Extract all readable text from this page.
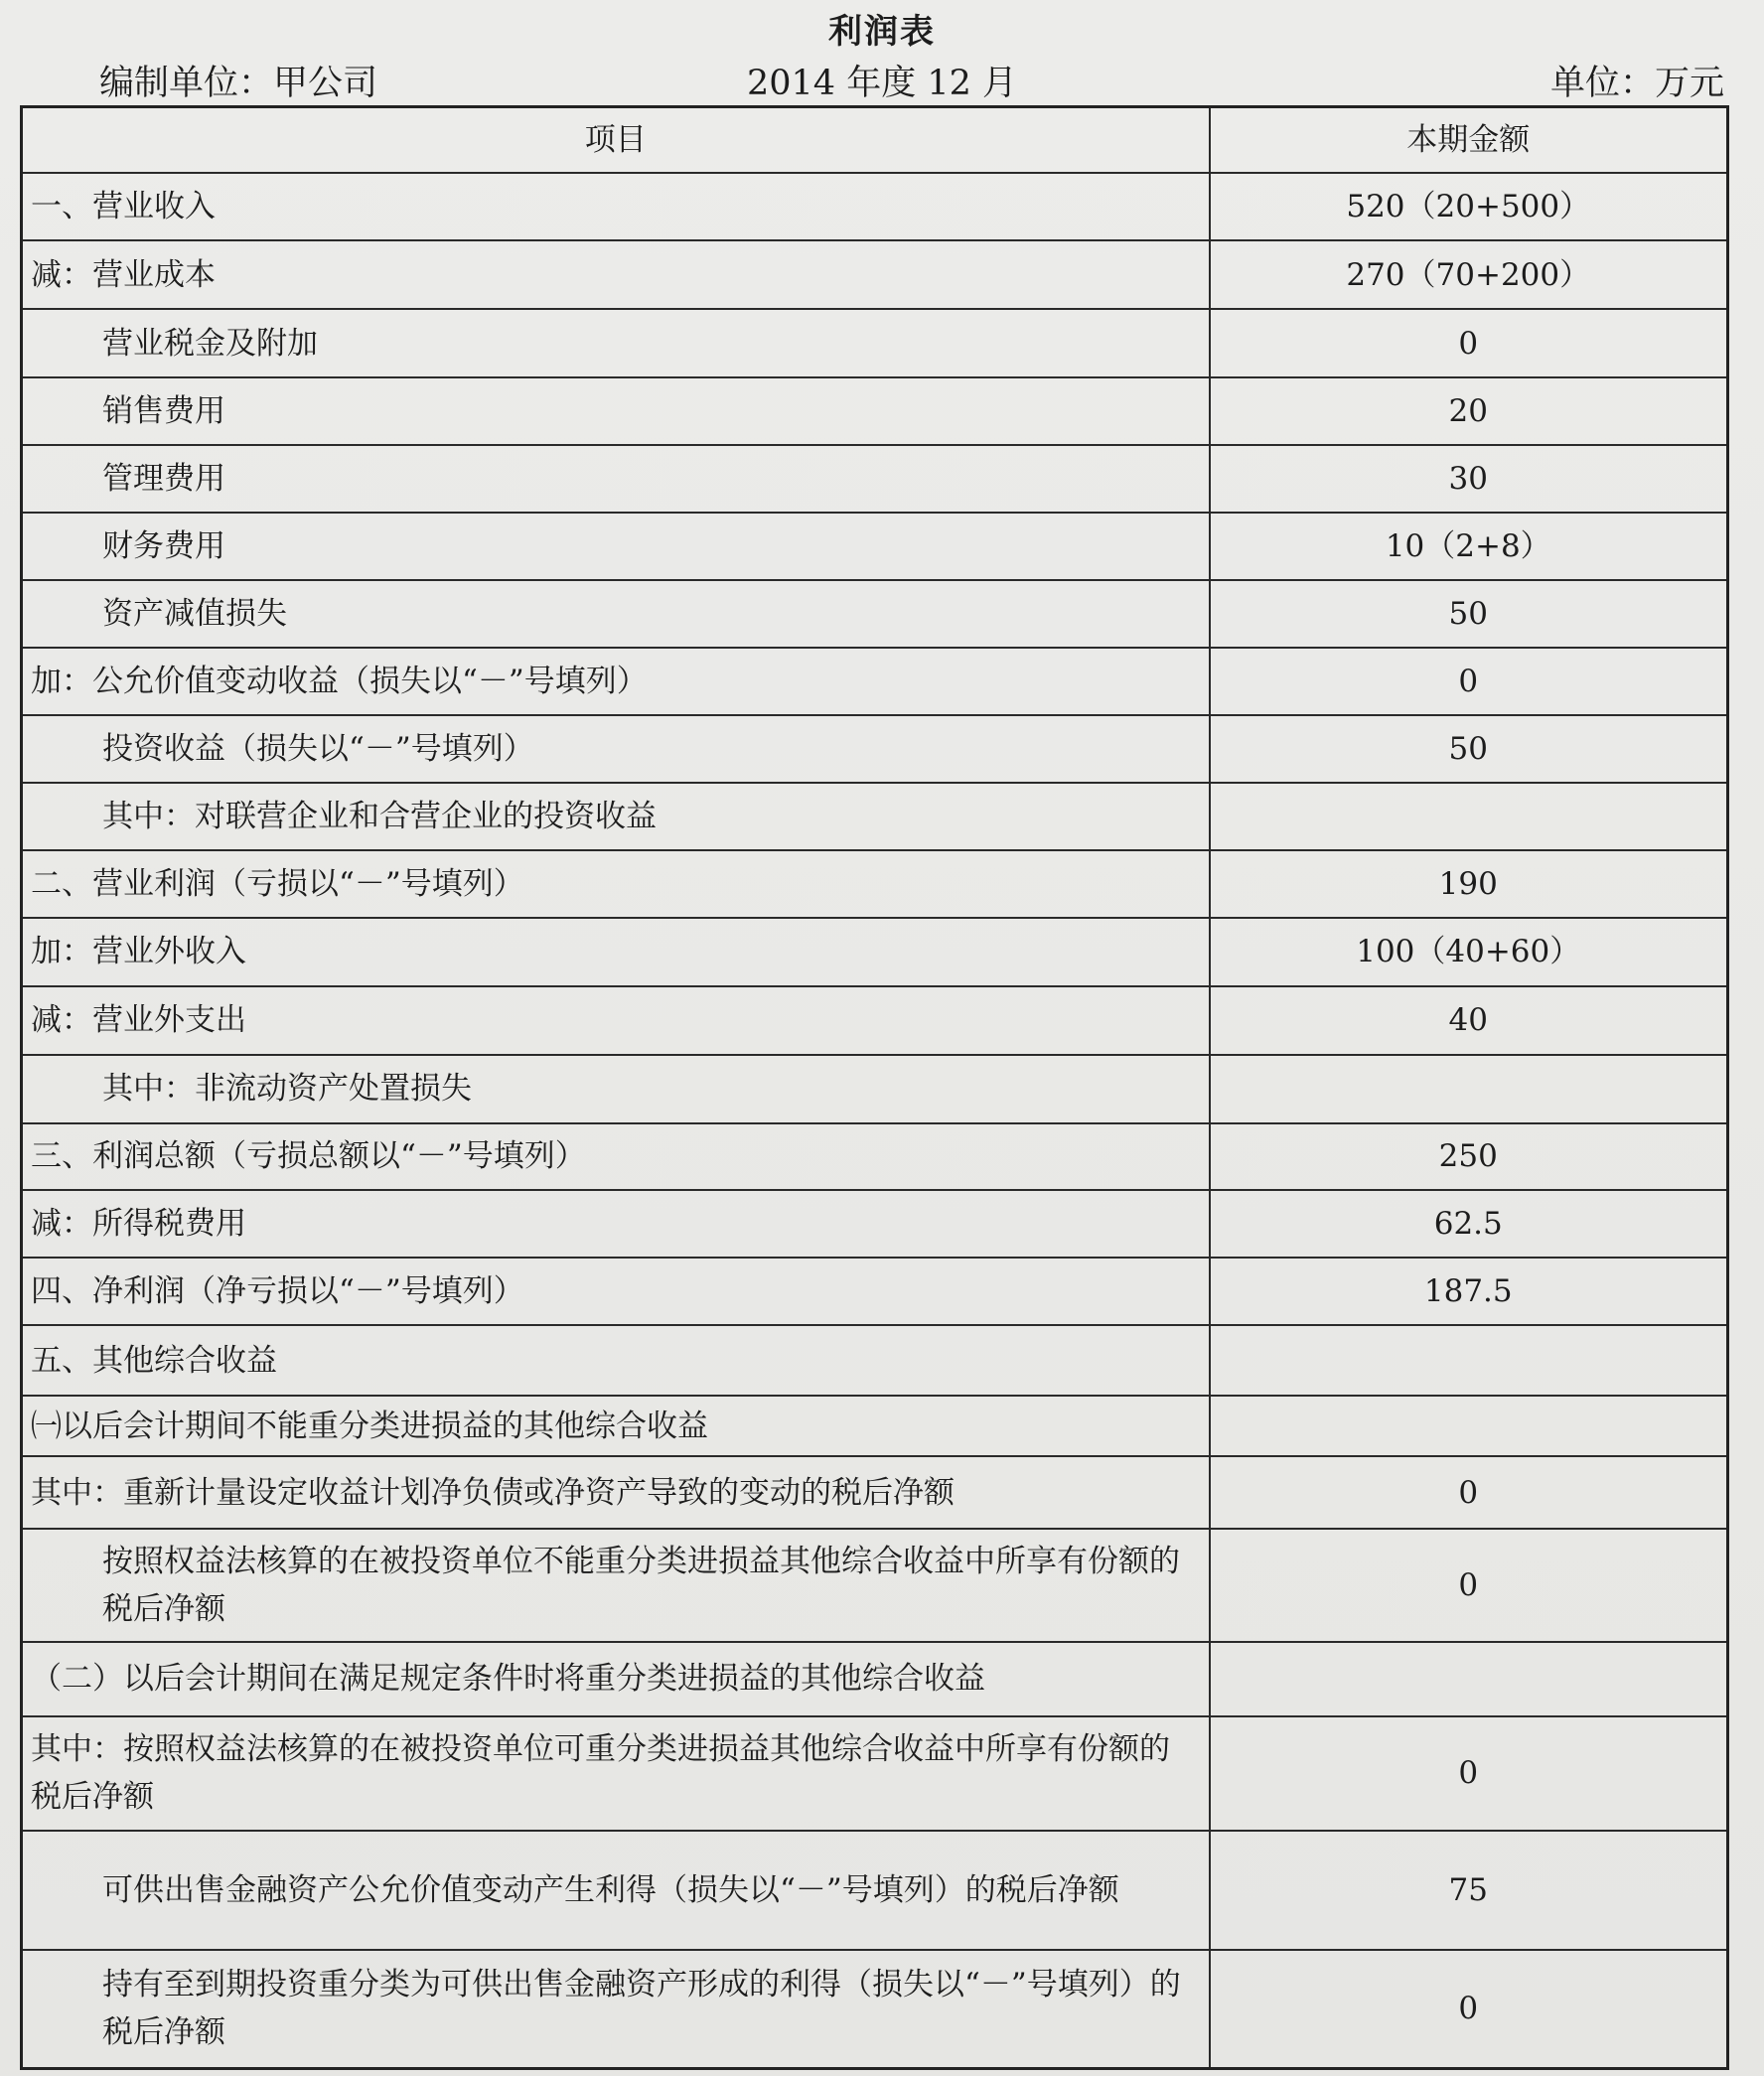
利润表
编制单位：甲公司	2014 年度 12 月	单位：万元
项目	本期金额
一、营业收入	520（20+500）
减：营业成本	270（70+200）
营业税金及附加	0
销售费用	20
管理费用	30
财务费用	10（2+8）
资产减值损失	50
加：公允价值变动收益（损失以“－”号填列）	0
投资收益（损失以“－”号填列）	50
其中：对联营企业和合营企业的投资收益	
二、营业利润（亏损以“－”号填列）	190
加：营业外收入	100（40+60）
减：营业外支出	40
其中：非流动资产处置损失	
三、利润总额（亏损总额以“－”号填列）	250
减：所得税费用	62.5
四、净利润（净亏损以“－”号填列）	187.5
五、其他综合收益	
㈠以后会计期间不能重分类进损益的其他综合收益	
其中：重新计量设定收益计划净负债或净资产导致的变动的税后净额	0
按照权益法核算的在被投资单位不能重分类进损益其他综合收益中所享有份额的税后净额	0
（二）以后会计期间在满足规定条件时将重分类进损益的其他综合收益	
其中：按照权益法核算的在被投资单位可重分类进损益其他综合收益中所享有份额的税后净额	0
可供出售金融资产公允价值变动产生利得（损失以“－”号填列）的税后净额	75
持有至到期投资重分类为可供出售金融资产形成的利得（损失以“－”号填列）的税后净额	0
